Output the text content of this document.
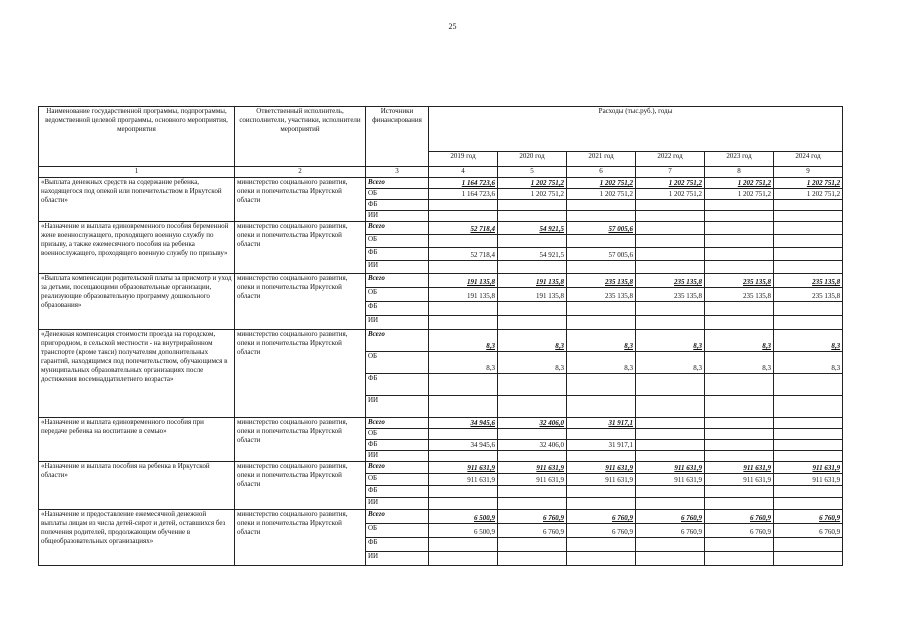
25
Наименование государственной программы, подпрограммы, ведомственной целевой программы, основного мероприятия, мероприятия	Ответственный исполнитель, соисполнители, участники, исполнители мероприятий	Источники финансирования	Расходы (тыс.руб.), годы					
			2019 год	2020 год	2021 год	2022 год	2023 год	2024 год
1	2	3	4	5	6	7	8	9
«Выплата денежных средств на содержание ребенка, находящегося под опекой или попечительством в Иркутской области»	министерство социального развития, опеки и попечительства Иркутской области	Всего	1 164 723,6	1 202 751,2	1 202 751,2	1 202 751,2	1 202 751,2	1 202 751,2
		ОБ	1 164 723,6	1 202 751,2	1 202 751,2	1 202 751,2	1 202 751,2	1 202 751,2
		ФБ						
		ИИ						
«Назначение и выплата единовременного пособия беременной жене военнослужащего, проходящего военную службу по призыву, а также ежемесячного пособия на ребенка военнослужащего, проходящего военную службу по призыву»	министерство социального развития, опеки и попечительства Иркутской области	Всего	52 718,4	54 921,5	57 005,6			
		ОБ						
		ФБ	52 718,4	54 921,5	57 005,6			
		ИИ						
«Выплата компенсации родительской платы за присмотр и уход за детьми, посещающими образовательные организации, реализующие образовательную программу дошкольного образования»	министерство социального развития, опеки и попечительства Иркутской области	Всего	191 135,8	191 135,8	235 135,8	235 135,8	235 135,8	235 135,8
		ОБ	191 135,8	191 135,8	235 135,8	235 135,8	235 135,8	235 135,8
		ФБ						
		ИИ						
«Денежная компенсация стоимости проезда на городском, пригородном, в сельской местности - на внутрирайонном транспорте (кроме такси) получателям дополнительных гарантий, находящимся под попечительством, обучающимся в муниципальных образовательных организациях после достижения восемнадцатилетнего возраста»	министерство социального развития, опеки и попечительства Иркутской области	Всего	8,3	8,3	8,3	8,3	8,3	8,3
		ОБ	8,3	8,3	8,3	8,3	8,3	8,3
		ФБ						
		ИИ						
«Назначение и выплата единовременного пособия при передаче ребенка на воспитание в семью»	министерство социального развития, опеки и попечительства Иркутской области	Всего	34 945,6	32 406,0	31 917,1			
		ОБ						
		ФБ	34 945,6	32 406,0	31 917,1			
		ИИ						
«Назначение и выплата пособия на ребенка в Иркутской области»	министерство социального развития, опеки и попечительства Иркутской области	Всего	911 631,9	911 631,9	911 631,9	911 631,9	911 631,9	911 631,9
		ОБ	911 631,9	911 631,9	911 631,9	911 631,9	911 631,9	911 631,9
		ФБ						
		ИИ						
«Назначение и предоставление ежемесячной денежной выплаты лицам из числа детей-сирот и детей, оставшихся без попечения родителей, продолжающим обучение в общеобразовательных организациях»	министерство социального развития, опеки и попечительства Иркутской области	Всего	6 500,9	6 760,9	6 760,9	6 760,9	6 760,9	6 760,9
		ОБ	6 500,9	6 760,9	6 760,9	6 760,9	6 760,9	6 760,9
		ФБ						
		ИИ						
